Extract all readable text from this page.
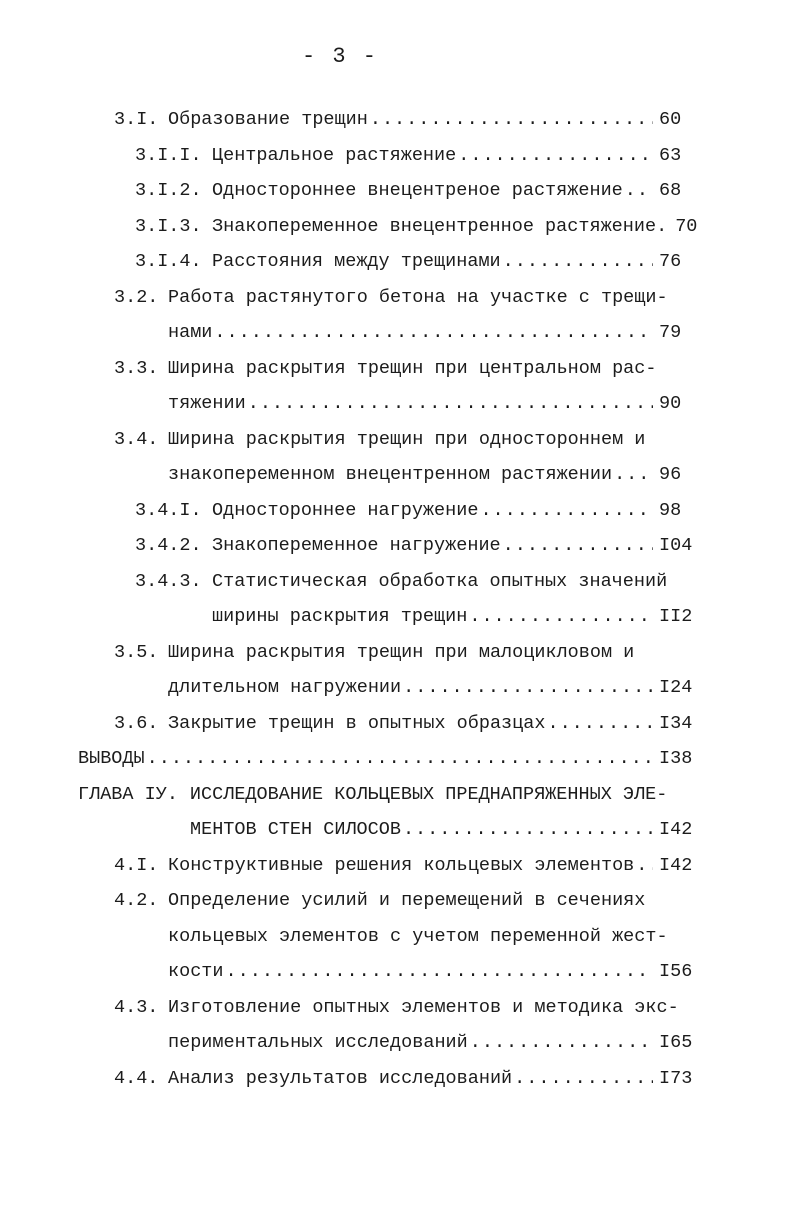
- 3 -
3.I. Образование трещин .....	60
3.I.I. Центральное растяжение .....	63
3.I.2. Одностороннее внецентреное растяжение ..... 68
3.I.3. Знакопеременное внецентренное растяжение. 70
3.I.4. Расстояния между трещинами .....	76
3.2. Работа растянутого бетона на участке с трещи-
нами .....	79
3.3. Ширина раскрытия трещин при центральном рас-
тяжении .....	90
3.4. Ширина раскрытия трещин при одностороннем и
знакопеременном внецентренном растяжении .....	96
3.4.I. Одностороннее нагружение .....	98
3.4.2. Знакопеременное нагружение .....	I04
3.4.3. Статистическая обработка опытных значений
ширины раскрытия трещин .....	II2
3.5. Ширина раскрытия трещин при малоцикловом и
длительном нагружении .....	I24
3.6. Закрытие трещин в опытных образцах .....	I34
ВЫВОДЫ .....	I38
ГЛАВА IУ. ИССЛЕДОВАНИЕ КОЛЬЦЕВЫХ ПРЕДНАПРЯЖЕННЫХ ЭЛЕ-
МЕНТОВ СТЕН СИЛОСОВ .....	I42
4.I. Конструктивные решения кольцевых элементов ..... I42
4.2. Определение усилий и перемещений в сечениях
кольцевых элементов с учетом переменной жест-
кости .....	I56
4.3. Изготовление опытных элементов и методика экс-
периментальных исследований .....	I65
4.4. Анализ результатов исследований .....	I73
